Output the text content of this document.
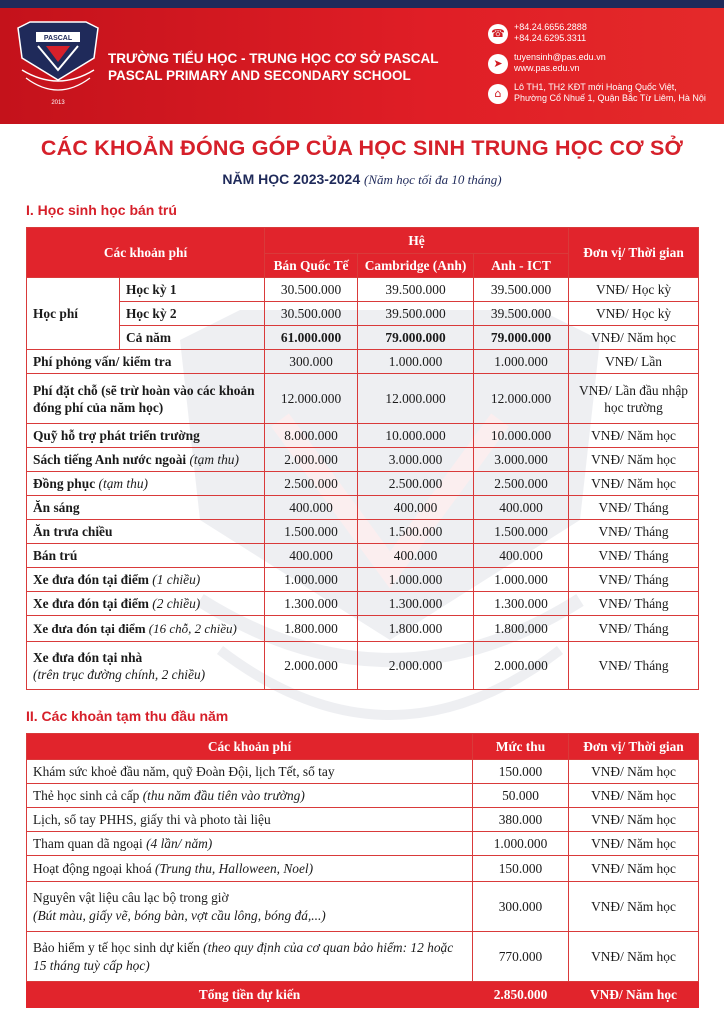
PASCAL
2013
TRƯỜNG TIỂU HỌC - TRUNG HỌC CƠ SỞ PASCAL
PASCAL PRIMARY AND SECONDARY SCHOOL
☎	+84.24.6656.2888
+84.24.6295.3311
➤	tuyensinh@pas.edu.vn
www.pas.edu.vn
⌂	Lô TH1, TH2 KĐT mới Hoàng Quốc Việt,
Phường Cổ Nhuế 1, Quận Bắc Từ Liêm, Hà Nội
CÁC KHOẢN ĐÓNG GÓP CỦA HỌC SINH TRUNG HỌC CƠ SỞ
NĂM HỌC 2023-2024 (Năm học tối đa 10 tháng)
I. Học sinh học bán trú
Các khoản phí		Hệ			Đơn vị/ Thời gian
		Bán Quốc Tế	Cambridge (Anh)	Anh - ICT	
Học phí	Học kỳ 1	30.500.000	39.500.000	39.500.000	VNĐ/ Học kỳ
	Học kỳ 2	30.500.000	39.500.000	39.500.000	VNĐ/ Học kỳ
	Cả năm	61.000.000	79.000.000	79.000.000	VNĐ/ Năm học
Phí phỏng vấn/ kiểm tra		300.000	1.000.000	1.000.000	VNĐ/ Lần
Phí đặt chỗ (sẽ trừ hoàn vào các khoản đóng phí của năm học)		12.000.000	12.000.000	12.000.000	VNĐ/ Lần đầu nhập học trường
Quỹ hỗ trợ phát triển trường		8.000.000	10.000.000	10.000.000	VNĐ/ Năm học
Sách tiếng Anh nước ngoài (tạm thu)		2.000.000	3.000.000	3.000.000	VNĐ/ Năm học
Đồng phục (tạm thu)		2.500.000	2.500.000	2.500.000	VNĐ/ Năm học
Ăn sáng		400.000	400.000	400.000	VNĐ/ Tháng
Ăn trưa chiều		1.500.000	1.500.000	1.500.000	VNĐ/ Tháng
Bán trú		400.000	400.000	400.000	VNĐ/ Tháng
Xe đưa đón tại điểm (1 chiều)		1.000.000	1.000.000	1.000.000	VNĐ/ Tháng
Xe đưa đón tại điểm (2 chiều)		1.300.000	1.300.000	1.300.000	VNĐ/ Tháng
Xe đưa đón tại điểm (16 chỗ, 2 chiều)		1.800.000	1.800.000	1.800.000	VNĐ/ Tháng

Xe đưa đón tại nhà
(trên trục đường chính, 2 chiều)		2.000.000	2.000.000	2.000.000	VNĐ/ Tháng
II. Các khoản tạm thu đầu năm
Các khoản phí	Mức thu	Đơn vị/ Thời gian
Khám sức khoẻ đầu năm, quỹ Đoàn Đội, lịch Tết, sổ tay	150.000	VNĐ/ Năm học
Thẻ học sinh cả cấp (thu năm đầu tiên vào trường)	50.000	VNĐ/ Năm học
Lịch, sổ tay PHHS, giấy thi và photo tài liệu	380.000	VNĐ/ Năm học
Tham quan dã ngoại (4 lần/ năm)	1.000.000	VNĐ/ Năm học
Hoạt động ngoại khoá (Trung thu, Halloween, Noel)	150.000	VNĐ/ Năm học

Nguyên vật liệu câu lạc bộ trong giờ
(Bút màu, giấy vẽ, bóng bàn, vợt cầu lông, bóng đá,...)	300.000	VNĐ/ Năm học
Bảo hiểm y tế học sinh dự kiến (theo quy định của cơ quan bảo hiểm: 12 hoặc 15 tháng tuỳ cấp học)	770.000	VNĐ/ Năm học
Tổng tiền dự kiến	2.850.000	VNĐ/ Năm học
